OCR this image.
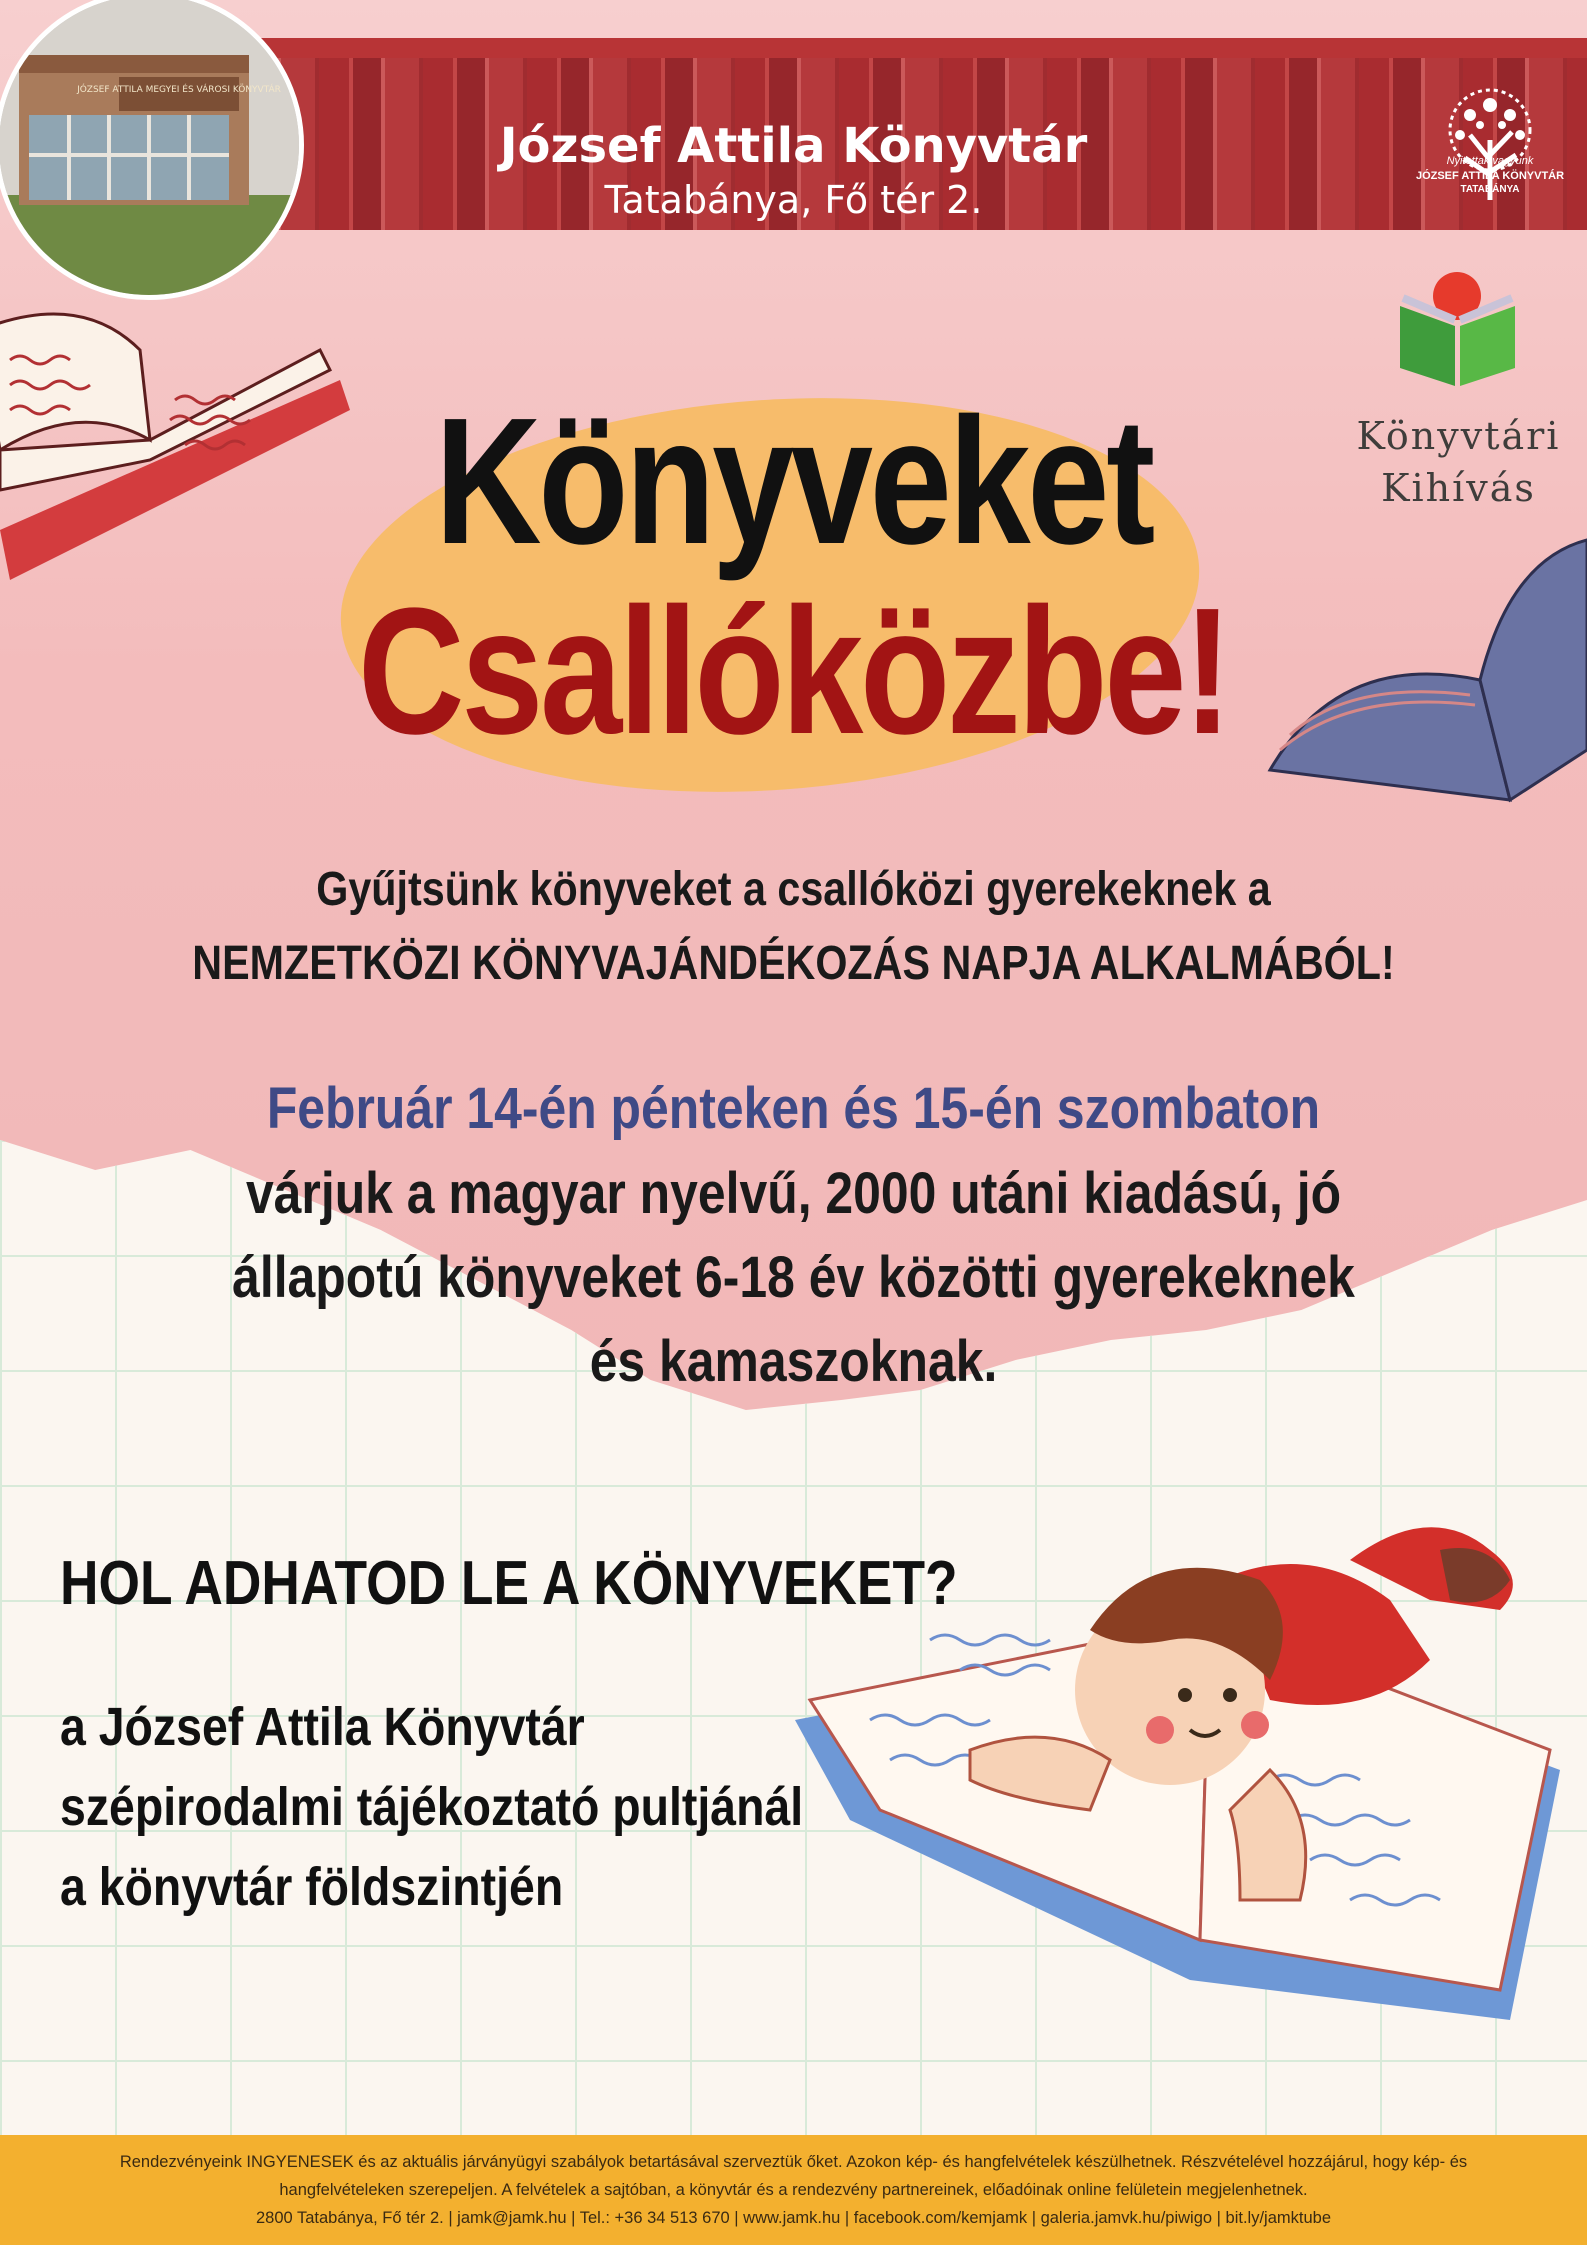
József Attila Könyvtár
Tatabánya, Fő tér 2.
JÓZSEF ATTILA MEGYEI ÉS VÁROSI KÖNYVTÁR
Nyitottak vagyunk
JÓZSEF ATTILA KÖNYVTÁR
TATABÁNYA
Könyvtári
Kihívás
Könyveket
Csallóközbe!
Gyűjtsünk könyveket a csallóközi gyerekeknek a
NEMZETKÖZI KÖNYVAJÁNDÉKOZÁS NAPJA ALKALMÁBÓL!
Február 14-én pénteken és 15-én szombaton
várjuk a magyar nyelvű, 2000 utáni kiadású, jó
állapotú könyveket 6-18 év közötti gyerekeknek
és kamaszoknak.
HOL ADHATOD LE A KÖNYVEKET?
a József Attila Könyvtár
szépirodalmi tájékoztató pultjánál
a könyvtár földszintjén
Rendezvényeink INGYENESEK és az aktuális járványügyi szabályok betartásával szerveztük őket. Azokon kép- és hangfelvételek készülhetnek. Részvételével hozzájárul, hogy kép- és
hangfelvételeken szerepeljen. A felvételek a sajtóban, a könyvtár és a rendezvény partnereinek, előadóinak online felületein megjelenhetnek.
2800 Tatabánya, Fő tér 2. | jamk@jamk.hu | Tel.: +36 34 513 670 | www.jamk.hu | facebook.com/kemjamk | galeria.jamvk.hu/piwigo | bit.ly/jamktube
